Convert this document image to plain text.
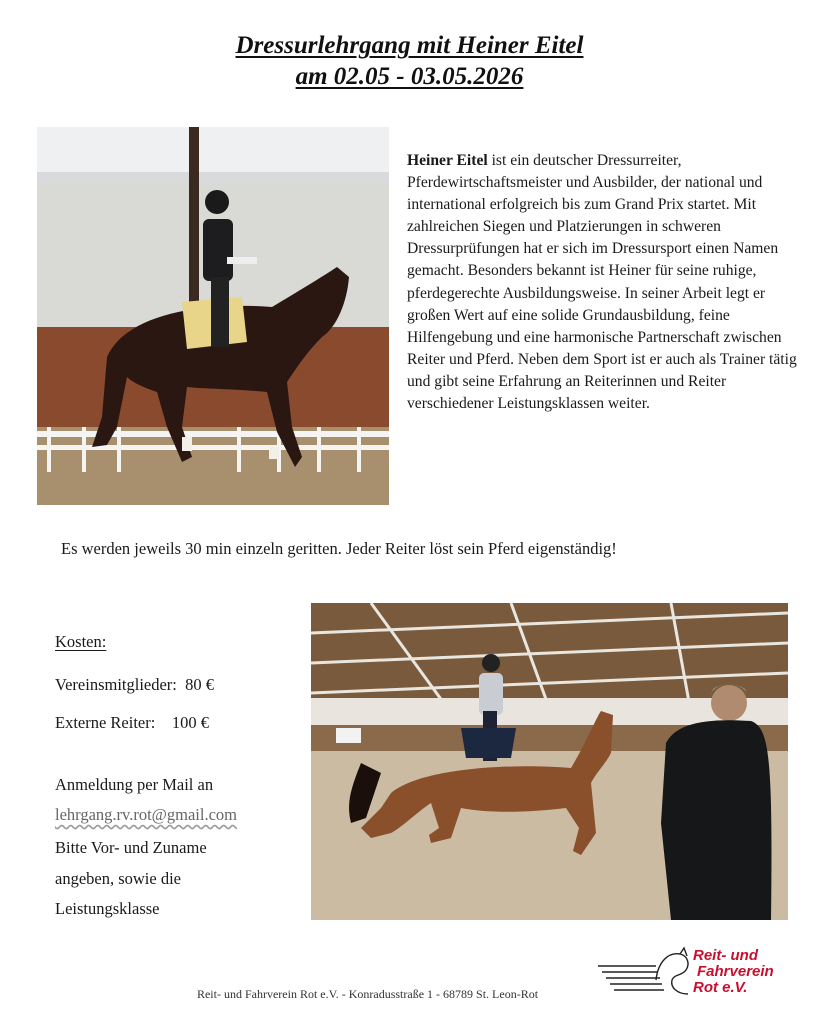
Dressurlehrgang mit Heiner Eitel
am 02.05 - 03.05.2026
Heiner Eitel ist ein deutscher Dressurreiter, Pferdewirtschaftsmeister und Ausbilder, der national und international erfolgreich bis zum Grand Prix startet. Mit zahlreichen Siegen und Platzierungen in schweren Dressurprüfungen hat er sich im Dressursport einen Namen gemacht. Besonders bekannt ist Heiner für seine ruhige, pferdegerechte Ausbildungsweise. In seiner Arbeit legt er großen Wert auf eine solide Grundausbildung, feine Hilfengebung und eine harmonische Partnerschaft zwischen Reiter und Pferd. Neben dem Sport ist er auch als Trainer tätig und gibt seine Erfahrung an Reiterinnen und Reiter verschiedener Leistungsklassen weiter.
Es werden jeweils 30 min einzeln geritten. Jeder Reiter löst sein Pferd eigenständig!
Kosten:
Vereinsmitglieder:  80 €
Externe Reiter:    100 €
Anmeldung per Mail an
lehrgang.rv.rot@gmail.com
Bitte Vor- und Zuname
angeben, sowie die
Leistungsklasse
Reit- und
Fahrverein
Rot e.V.
Reit- und Fahrverein Rot e.V. - Konradusstraße 1 - 68789 St. Leon-Rot
